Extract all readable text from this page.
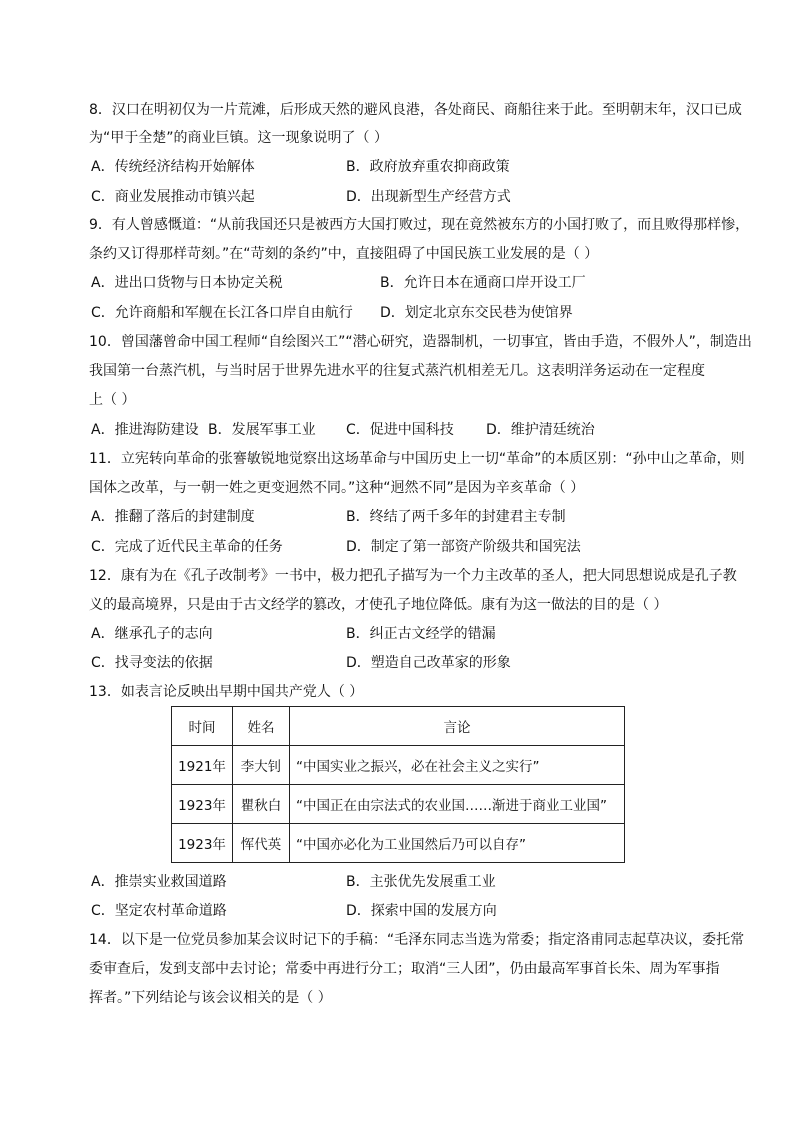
8．汉口在明初仅为一片荒滩，后形成天然的避风良港，各处商民、商船往来于此。至明朝末年，汉口已成
为“甲于全楚”的商业巨镇。这一现象说明了（ ）
A．传统经济结构开始解体	B．政府放弃重农抑商政策
C．商业发展推动市镇兴起	D．出现新型生产经营方式
9．有人曾感慨道：“从前我国还只是被西方大国打败过，现在竟然被东方的小国打败了，而且败得那样惨，
条约又订得那样苛刻。”在“苛刻的条约”中，直接阻碍了中国民族工业发展的是（ ）
A．进出口货物与日本协定关税	B．允许日本在通商口岸开设工厂
C．允许商船和军舰在长江各口岸自由航行 D．划定北京东交民巷为使馆界
10．曾国藩曾命中国工程师“自绘图兴工”“潜心研究，造器制机，一切事宜，皆由手造，不假外人”，制造出
我国第一台蒸汽机，与当时居于世界先进水平的往复式蒸汽机相差无几。这表明洋务运动在一定程度
上（ ）
A．推进海防建设 B．发展军事工业 C．促进中国科技 D．维护清廷统治
11．立宪转向革命的张謇敏锐地觉察出这场革命与中国历史上一切“革命”的本质区别：“孙中山之革命，则
国体之改革，与一朝一姓之更变迥然不同。”这种“迥然不同”是因为辛亥革命（ ）
A．推翻了落后的封建制度	B．终结了两千多年的封建君主专制
C．完成了近代民主革命的任务	D．制定了第一部资产阶级共和国宪法
12．康有为在《孔子改制考》一书中，极力把孔子描写为一个力主改革的圣人，把大同思想说成是孔子教
义的最高境界，只是由于古文经学的篡改，才使孔子地位降低。康有为这一做法的目的是（ ）
A．继承孔子的志向	B．纠正古文经学的错漏
C．找寻变法的依据	D．塑造自己改革家的形象
13．如表言论反映出早期中国共产党人（ ）
时间	姓名	言论
1921年	李大钊	“中国实业之振兴，必在社会主义之实行”
1923年	瞿秋白	“中国正在由宗法式的农业国……渐进于商业工业国”
1923年	恽代英	“中国亦必化为工业国然后乃可以自存”
A．推崇实业救国道路	B．主张优先发展重工业
C．坚定农村革命道路	D．探索中国的发展方向
14．以下是一位党员参加某会议时记下的手稿：“毛泽东同志当选为常委；指定洛甫同志起草决议，委托常
委审查后，发到支部中去讨论；常委中再进行分工；取消“三人团”，仍由最高军事首长朱、周为军事指
挥者。”下列结论与该会议相关的是（ ）
